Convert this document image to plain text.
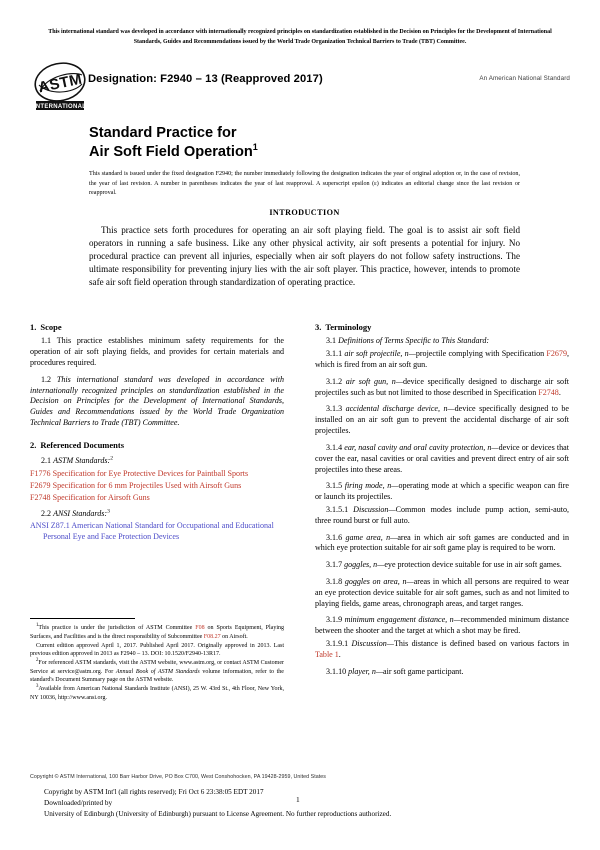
This international standard was developed in accordance with internationally recognized principles on standardization established in the Decision on Principles for the Development of International Standards, Guides and Recommendations issued by the World Trade Organization Technical Barriers to Trade (TBT) Committee.
ASTM
INTERNATIONAL
Designation: F2940 – 13 (Reapproved 2017)	An American National Standard
Standard Practice for
Air Soft Field Operation$^1$
This standard is issued under the fixed designation F2940; the number immediately following the designation indicates the year of original adoption or, in the case of revision, the year of last revision. A number in parentheses indicates the year of last reapproval. A superscript epsilon (ε) indicates an editorial change since the last revision or reapproval.
INTRODUCTION
This practice sets forth procedures for operating an air soft playing field. The goal is to assist air soft field operators in running a safe business. Like any other physical activity, air soft presents a potential for injury. No procedural practice can prevent all injuries, especially when air soft players do not follow safety instructions. The ultimate responsibility for preventing injury lies with the air soft player. This practice, however, intends to promote safe air soft field operation through standardization of operating practice.
1. Scope

1.1 This practice establishes minimum safety requirements for the operation of air soft playing fields, and provides for certain materials and procedures required.

1.2 This international standard was developed in accordance with internationally recognized principles on standardization established in the Decision on Principles for the Development of International Standards, Guides and Recommendations issued by the World Trade Organization Technical Barriers to Trade (TBT) Committee.

2. Referenced Documents
2.1 ASTM Standards:$^2$
F1776 Specification for Eye Protective Devices for Paintball Sports
F2679 Specification for 6 mm Projectiles Used with Airsoft Guns
F2748 Specification for Airsoft Guns
2.2 ANSI Standards:$^3$
ANSI Z87.1 American National Standard for Occupational and Educational Personal Eye and Face Protection Devices
3. Terminology

3.1 Definitions of Terms Specific to This Standard:

3.1.1 air soft projectile, n—projectile complying with Specification F2679, which is fired from an air soft gun.

3.1.2 air soft gun, n—device specifically designed to discharge air soft projectiles such as but not limited to those described in Specification F2748.

3.1.3 accidental discharge device, n—device specifically designed to be installed on an air soft gun to prevent the accidental discharge of air soft projectiles.

3.1.4 ear, nasal cavity and oral cavity protection, n—device or devices that cover the ear, nasal cavities or oral cavities and prevent direct entry of air soft projectiles into these areas.

3.1.5 firing mode, n—operating mode at which a specific weapon can fire or launch its projectiles.

3.1.5.1 Discussion—Common modes include pump action, semi-auto, three round burst or full auto.

3.1.6 game area, n—area in which air soft games are conducted and in which eye protection suitable for air soft game play is required to be worn.

3.1.7 goggles, n—eye protection device suitable for use in air soft games.

3.1.8 goggles on area, n—areas in which all persons are required to wear an eye protection device suitable for air soft games, such as and not limited to playing fields, game areas, chronograph areas, and target ranges.

3.1.9 minimum engagement distance, n—recommended minimum distance between the shooter and the target at which a shot may be fired.

3.1.9.1 Discussion—This distance is defined based on various factors in Table 1.

3.1.10 player, n—air soft game participant.

$^1$This practice is under the jurisdiction of ASTM Committee F08 on Sports Equipment, Playing Surfaces, and Facilities and is the direct responsibility of Subcommittee F08.27 on Airsoft.

Current edition approved April 1, 2017. Published April 2017. Originally approved in 2013. Last previous edition approved in 2013 as F2940 – 13. DOI: 10.1520/F2940-13R17.

$^2$For referenced ASTM standards, visit the ASTM website, www.astm.org, or contact ASTM Customer Service at service@astm.org. For Annual Book of ASTM Standards volume information, refer to the standard's Document Summary page on the ASTM website.

$^3$Available from American National Standards Institute (ANSI), 25 W. 43rd St., 4th Floor, New York, NY 10036, http://www.ansi.org.

Copyright © ASTM International, 100 Barr Harbor Drive, PO Box C700, West Conshohocken, PA 19428-2959, United States
Copyright by ASTM Int'l (all rights reserved); Fri Oct 6 23:38:05 EDT 2017
Downloaded/printed by
University of Edinburgh (University of Edinburgh) pursuant to License Agreement. No further reproductions authorized.
1
